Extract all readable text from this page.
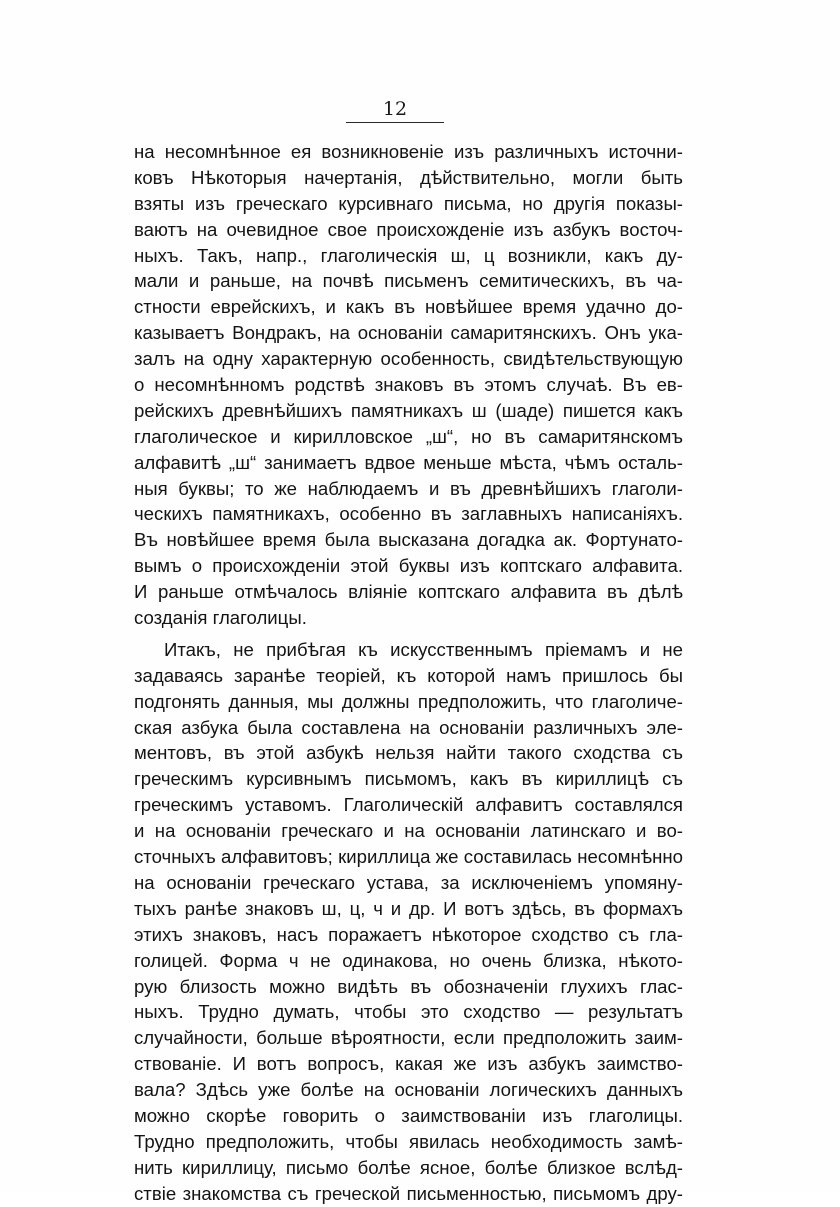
12
на несомнѣнное ея возникновеніе изъ различныхъ источни-
ковъ Нѣкоторыя начертанія, дѣйствительно, могли быть
взяты изъ греческаго курсивнаго письма, но другія показы-
ваютъ на очевидное свое происхожденіе изъ азбукъ восточ-
ныхъ. Такъ, напр., глаголическія ш, ц возникли, какъ ду-
мали и раньше, на почвѣ письменъ семитическихъ, въ ча-
стности еврейскихъ, и какъ въ новѣйшее время удачно до-
казываетъ Вондракъ, на основаніи самаритянскихъ. Онъ ука-
залъ на одну характерную особенность, свидѣтельствующую
о несомнѣнномъ родствѣ знаковъ въ этомъ случаѣ. Въ ев-
рейскихъ древнѣйшихъ памятникахъ ш (шаде) пишется какъ
глаголическое и кирилловское „ш“, но въ самаритянскомъ
алфавитѣ „ш“ занимаетъ вдвое меньше мѣста, чѣмъ осталь-
ныя буквы; то же наблюдаемъ и въ древнѣйшихъ глаголи-
ческихъ памятникахъ, особенно въ заглавныхъ написаніяхъ.
Въ новѣйшее время была высказана догадка ак. Фортунато-
вымъ о происхожденіи этой буквы изъ коптскаго алфавита.
И раньше отмѣчалось вліяніе коптскаго алфавита въ дѣлѣ
созданія глаголицы.
Итакъ, не прибѣгая къ искусственнымъ пріемамъ и не
задаваясь заранѣе теоріей, къ которой намъ пришлось бы
подгонять данныя, мы должны предположить, что глаголиче-
ская азбука была составлена на основаніи различныхъ эле-
ментовъ, въ этой азбукѣ нельзя найти такого сходства съ
греческимъ курсивнымъ письмомъ, какъ въ кириллицѣ съ
греческимъ уставомъ. Глаголическій алфавитъ составлялся
и на основаніи греческаго и на основаніи латинскаго и во-
сточныхъ алфавитовъ; кириллица же составилась несомнѣнно
на основаніи греческаго устава, за исключеніемъ упомяну-
тыхъ ранѣе знаковъ ш, ц, ч и др. И вотъ здѣсь, въ формахъ
этихъ знаковъ, насъ поражаетъ нѣкоторое сходство съ гла-
голицей. Форма ч не одинакова, но очень близка, нѣкото-
рую близость можно видѣть въ обозначеніи глухихъ глас-
ныхъ. Трудно думать, чтобы это сходство — результатъ
случайности, больше вѣроятности, если предположить заим-
ствованіе. И вотъ вопросъ, какая же изъ азбукъ заимство-
вала? Здѣсь уже болѣе на основаніи логическихъ данныхъ
можно скорѣе говорить о заимствованіи изъ глаголицы.
Трудно предположить, чтобы явилась необходимость замѣ-
нить кириллицу, письмо болѣе ясное, болѣе близкое вслѣд-
ствіе знакомства съ греческой письменностью, письмомъ дру-
